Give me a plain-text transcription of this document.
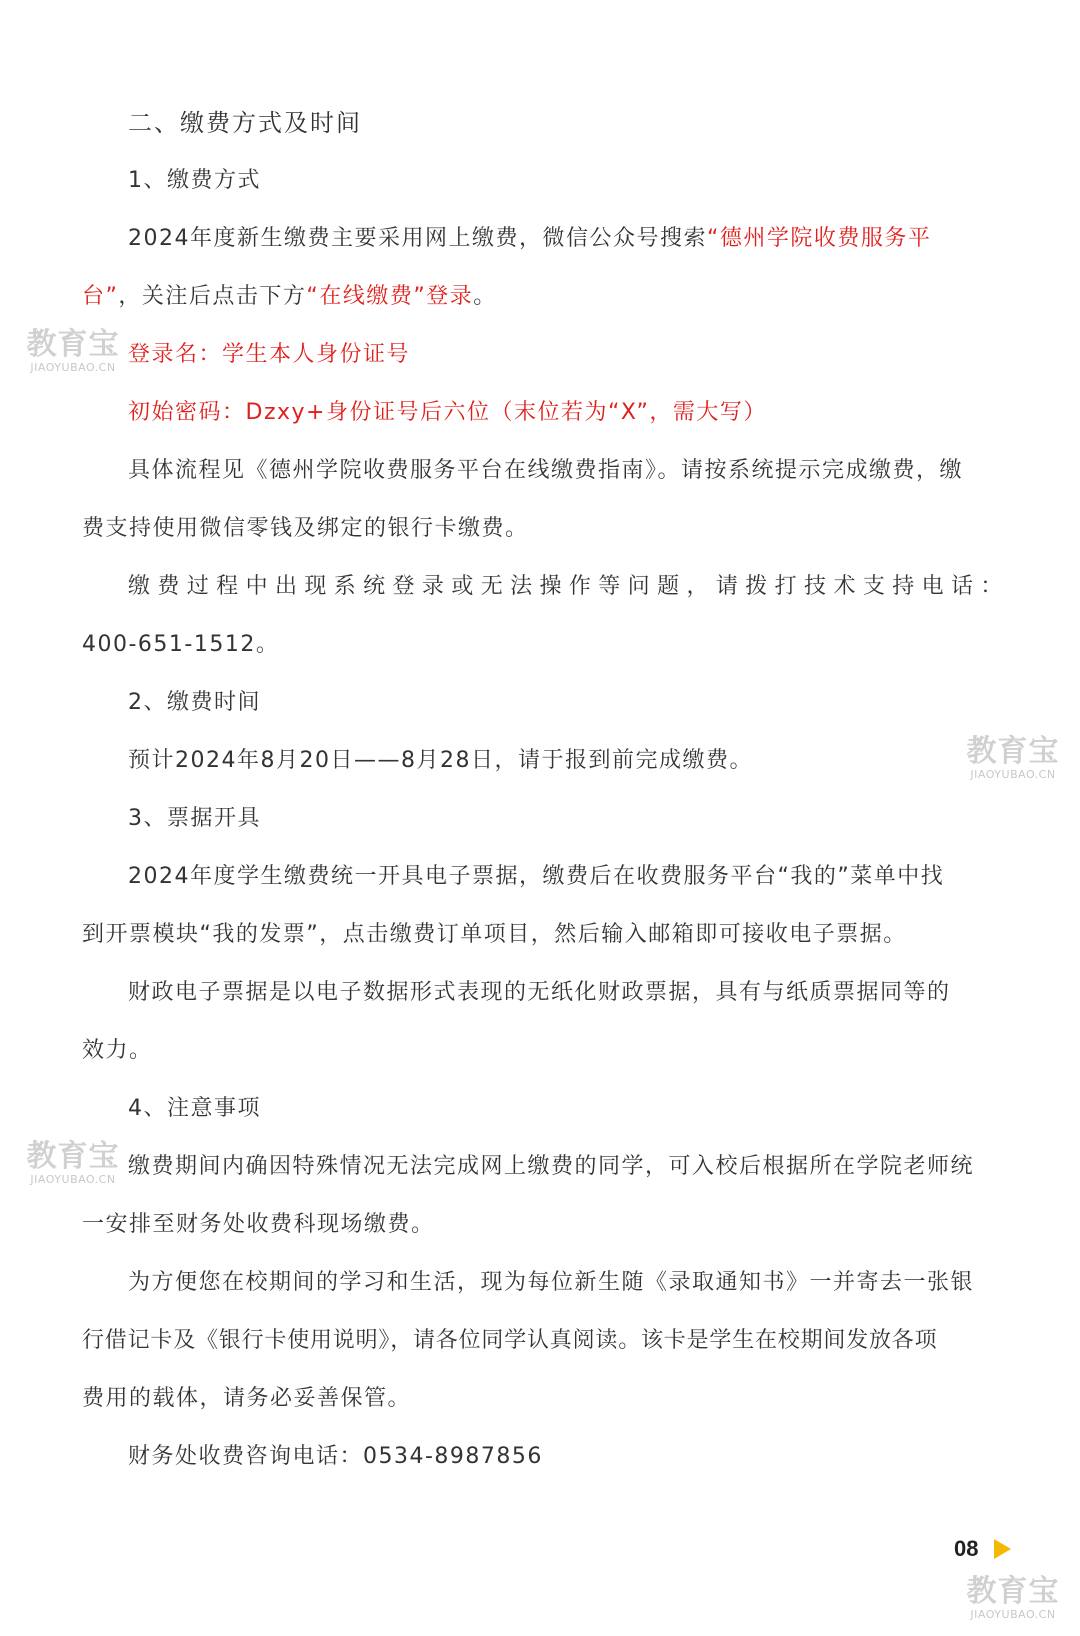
二、缴费方式及时间
1、缴费方式
2024年度新生缴费主要采用网上缴费，微信公众号搜索“德州学院收费服务平
台”，关注后点击下方“在线缴费”登录。
登录名：学生本人身份证号
初始密码：Dzxy+身份证号后六位（末位若为“X”，需大写）
具体流程见《德州学院收费服务平台在线缴费指南》。请按系统提示完成缴费，缴
费支持使用微信零钱及绑定的银行卡缴费。
缴 费 过 程 中 出 现 系 统 登 录 或 无 法 操 作 等 问 题 ， 请 拨 打 技 术 支 持 电 话 ：
400-651-1512。
2、缴费时间
预计2024年8月20日——8月28日，请于报到前完成缴费。
3、票据开具
2024年度学生缴费统一开具电子票据，缴费后在收费服务平台“我的”菜单中找
到开票模块“我的发票”，点击缴费订单项目，然后输入邮箱即可接收电子票据。
财政电子票据是以电子数据形式表现的无纸化财政票据，具有与纸质票据同等的
效力。
4、注意事项
缴费期间内确因特殊情况无法完成网上缴费的同学，可入校后根据所在学院老师统
一安排至财务处收费科现场缴费。
为方便您在校期间的学习和生活，现为每位新生随《录取通知书》一并寄去一张银
行借记卡及《银行卡使用说明》，请各位同学认真阅读。该卡是学生在校期间发放各项
费用的载体，请务必妥善保管。
财务处收费咨询电话：0534-8987856
08
教育宝
JIAOYUBAO.CN
教育宝
JIAOYUBAO.CN
教育宝
JIAOYUBAO.CN
教育宝
JIAOYUBAO.CN
